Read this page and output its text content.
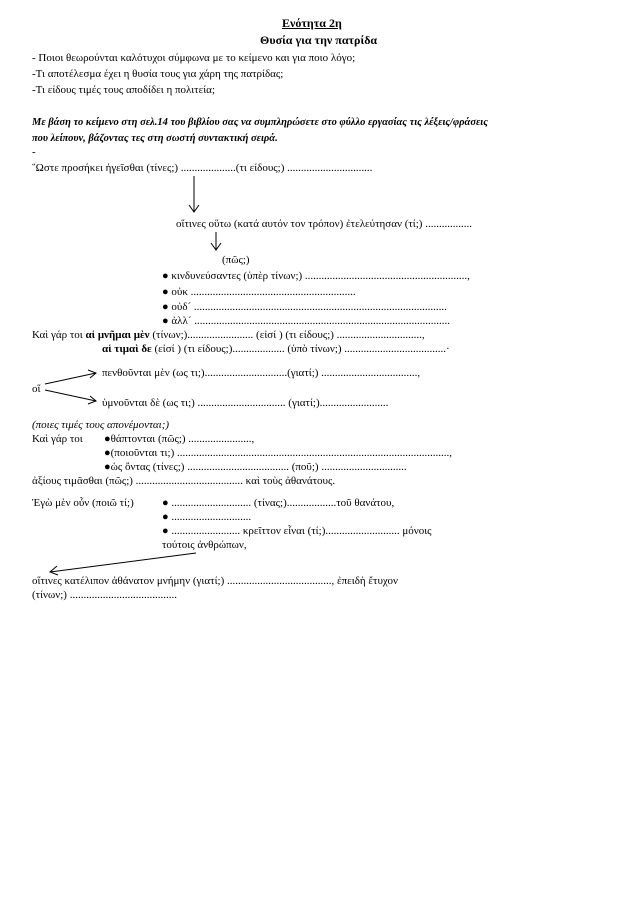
Ενότητα 2η
Θυσία για την πατρίδα
- Ποιοι θεωρούνται καλότυχοι σύμφωνα με το κείμενο και για ποιο λόγο;
-Τι αποτέλεσμα έχει η θυσία τους για χάρη της πατρίδας;
-Τι είδους τιμές τους αποδίδει η πολιτεία;
Με βάση το κείμενο στη σελ.14 του βιβλίου σας να συμπληρώσετε στο φύλλο εργασίας τις λέξεις/φράσεις
που λείπουν, βάζοντας τες στη σωστή συντακτική σειρά.
-
῞Ωστε προσήκει ἡγεῖσθαι (τίνες;) ....................(τι είδους;) ...............................
οἵτινες οὕτω (κατά αυτόν τον τρόπον) ἐτελεύτησαν (τί;) .................
(πῶς;)
● κινδυνεύσαντες (ὑπὲρ τίνων;) ...........................................................,
● οὐκ ............................................................
● οὐδ´ ............................................................................................
● ἀλλ´ .............................................................................................
Καὶ γάρ τοι αἱ μνῆμαι μὲν (τίνων;)........................ (εἰσί ) (τι είδους;) ...............................,
αἱ τιμαὶ δε (εἰσί ) (τι είδους;)................... (ὑπὸ τίνων;) .....................................·
πενθοῦνται μὲν (ως τι;)..............................(γιατί;) ...................................,
οἵ
ὑμνοῦνται δὲ (ως τι;) ................................ (γιατί;).........................
(ποιες τιμές τους απονέμονται;)
Καὶ γάρ τοι ●θάπτονται (πῶς;) .......................,
●(ποιοῦνται τι;) ...................................................................................................,
●ὡς ὄντας (τίνες;) ..................................... (ποῦ;) ...............................
ἀξίους τιμᾶσθαι (πῶς;) ....................................... καὶ τοὺς ἀθανάτους.
Ἐγὼ μὲν οὖν (ποιῶ τί;)	● ............................. (τίνας;)..................τοῦ θανάτου,
● .............................
● ......................... κρεῖττον εἶναι (τί;)........................... μόνοις
τούτοις ἀνθρώπων,
οἵτινες κατέλιπον ἀθάνατον μνήμην (γιατί;) ......................................, ἐπειδὴ ἔτυχον
(τίνων;) .......................................
